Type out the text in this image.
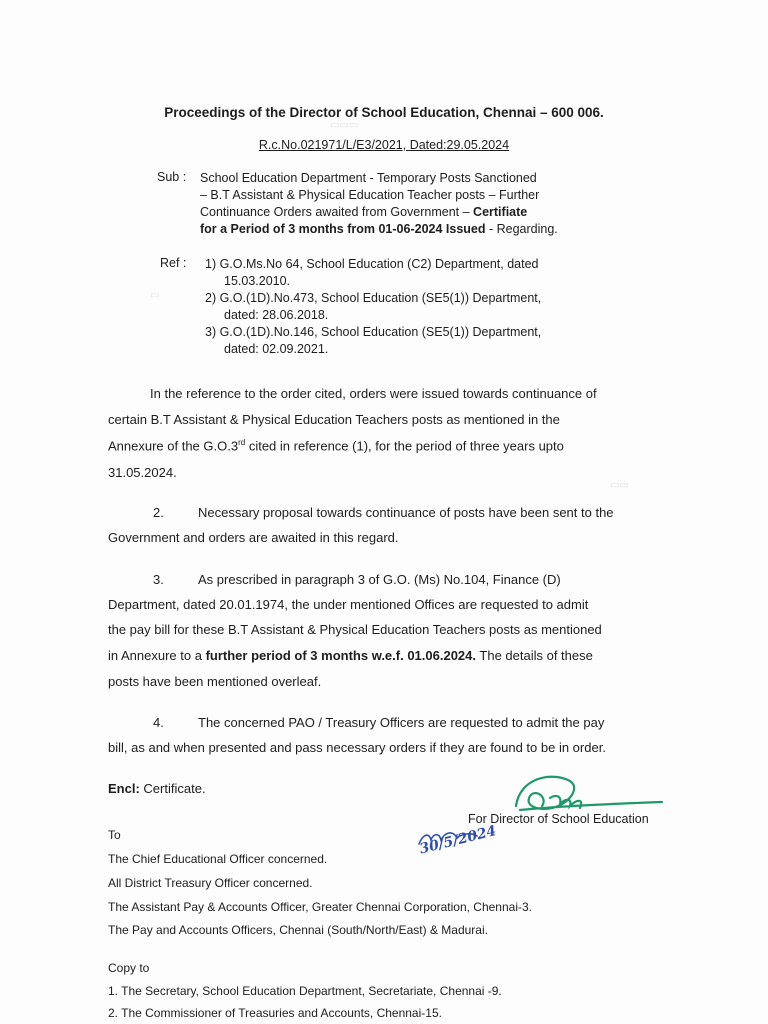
▭▭▭
▭
▭▭
Proceedings of the Director of School Education, Chennai – 600 006.
R.c.No.021971/L/E3/2021, Dated:29.05.2024
Sub : School Education Department - Temporary Posts Sanctioned
– B.T Assistant & Physical Education Teacher posts – Further
Continuance Orders awaited from Government – Certifiate
for a Period of 3 months from 01-06-2024 Issued - Regarding.
Ref : 1) G.O.Ms.No 64, School Education (C2) Department, dated
15.03.2010.
2) G.O.(1D).No.473, School Education (SE5(1)) Department,
dated: 28.06.2018.
3) G.O.(1D).No.146, School Education (SE5(1)) Department,
dated: 02.09.2021.
In the reference to the order cited, orders were issued towards continuance of
certain B.T Assistant & Physical Education Teachers posts as mentioned in the
Annexure of the G.O.3rd cited in reference (1), for the period of three years upto
31.05.2024.
2.	Necessary proposal towards continuance of posts have been sent to the
Government and orders are awaited in this regard.
3.	As prescribed in paragraph 3 of G.O. (Ms) No.104, Finance (D)
Department, dated 20.01.1974, the under mentioned Offices are requested to admit
the pay bill for these B.T Assistant & Physical Education Teachers posts as mentioned
in Annexure to a further period of 3 months w.e.f. 01.06.2024. The details of these
posts have been mentioned overleaf.
4.	The concerned PAO / Treasury Officers are requested to admit the pay
bill, as and when presented and pass necessary orders if they are found to be in order.
Encl: Certificate.
For Director of School Education
30/5/2024
To
The Chief Educational Officer concerned.
All District Treasury Officer concerned.
The Assistant Pay & Accounts Officer, Greater Chennai Corporation, Chennai-3.
The Pay and Accounts Officers, Chennai (South/North/East) & Madurai.
Copy to
1. The Secretary, School Education Department, Secretariate, Chennai -9.
2. The Commissioner of Treasuries and Accounts, Chennai-15.
